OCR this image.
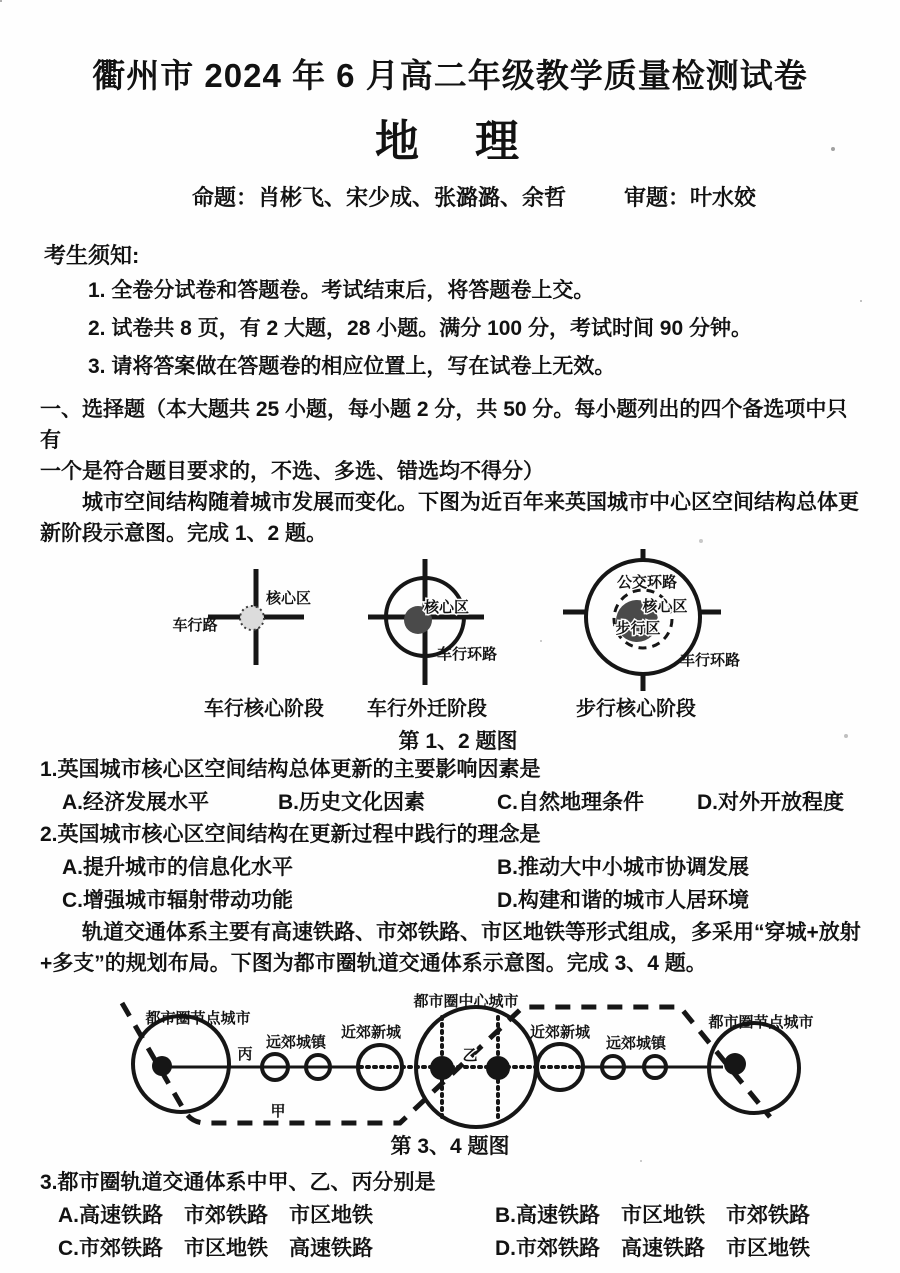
衢州市 2024 年 6 月高二年级教学质量检测试卷
地　理
命题：肖彬飞、宋少成、张潞潞、余哲	审题：叶水姣
考生须知:
1. 全卷分试卷和答题卷。考试结束后，将答题卷上交。
2. 试卷共 8 页，有 2 大题，28 小题。满分 100 分，考试时间 90 分钟。
3. 请将答案做在答题卷的相应位置上，写在试卷上无效。
一、选择题（本大题共 25 小题，每小题 2 分，共 50 分。每小题列出的四个备选项中只有
一个是符合题目要求的，不选、多选、错选均不得分）
城市空间结构随着城市发展而变化。下图为近百年来英国城市中心区空间结构总体更
新阶段示意图。完成 1、2 题。
核心区
车行路
车行核心阶段
核心区
车行环路
车行外迁阶段
公交环路
核心区
步行区
车行环路
步行核心阶段
第 1、2 题图
1.英国城市核心区空间结构总体更新的主要影响因素是
A.经济发展水平	B.历史文化因素	C.自然地理条件	D.对外开放程度
2.英国城市核心区空间结构在更新过程中践行的理念是
A.提升城市的信息化水平	B.推动大中小城市协调发展
C.增强城市辐射带动功能	D.构建和谐的城市人居环境
轨道交通体系主要有高速铁路、市郊铁路、市区地铁等形式组成，多采用“穿城+放射
+多支”的规划布局。下图为都市圈轨道交通体系示意图。完成 3、4 题。
都市圈节点城市
远郊城镇
近郊新城
都市圈中心城市
乙
近郊新城
远郊城镇
都市圈节点城市
丙
甲
第 3、4 题图
3.都市圈轨道交通体系中甲、乙、丙分别是
A.高速铁路　市郊铁路　市区地铁	B.高速铁路　市区地铁　市郊铁路
C.市郊铁路　市区地铁　高速铁路	D.市郊铁路　高速铁路　市区地铁
